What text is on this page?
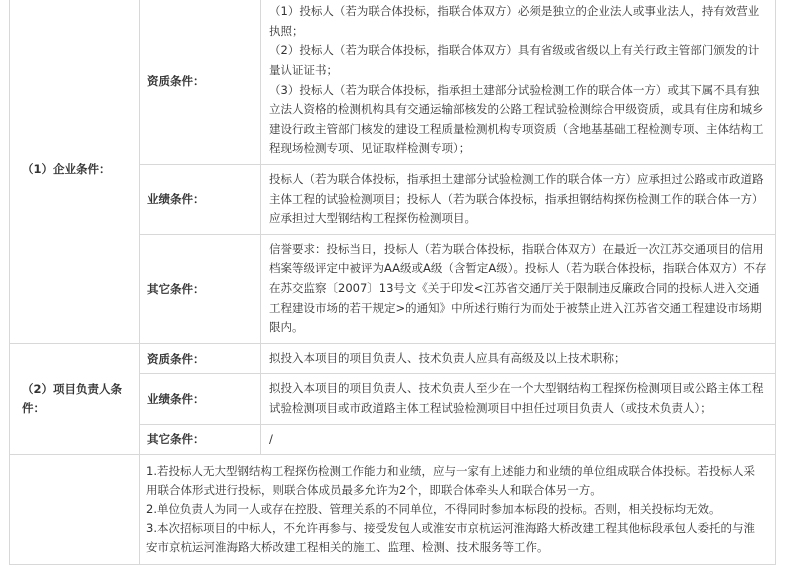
（1）企业条件：	资质条件：	（1）投标人（若为联合体投标，指联合体双方）必须是独立的企业法人或事业法人，持有效营业执照；
（2）投标人（若为联合体投标，指联合体双方）具有省级或省级以上有关行政主管部门颁发的计量认证证书；
（3）投标人（若为联合体投标，指承担土建部分试验检测工作的联合体一方）或其下属不具有独立法人资格的检测机构具有交通运输部核发的公路工程试验检测综合甲级资质，或具有住房和城乡建设行政主管部门核发的建设工程质量检测机构专项资质（含地基基础工程检测专项、主体结构工程现场检测专项、见证取样检测专项）；

	业绩条件：	投标人（若为联合体投标，指承担土建部分试验检测工作的联合体一方）应承担过公路或市政道路主体工程的试验检测项目；投标人（若为联合体投标，指承担钢结构探伤检测工作的联合体一方）应承担过大型钢结构工程探伤检测项目。
	其它条件：	信誉要求：投标当日，投标人（若为联合体投标，指联合体双方）在最近一次江苏交通项目的信用档案等级评定中被评为AA级或A级（含暂定A级）。投标人（若为联合体投标，指联合体双方）不存在苏交监察〔2007〕13号文《关于印发<江苏省交通厅关于限制违反廉政合同的投标人进入交通工程建设市场的若干规定>的通知》中所述行贿行为而处于被禁止进入江苏省交通工程建设市场期限内。
（2）项目负责人条件：	资质条件：	拟投入本项目的项目负责人、技术负责人应具有高级及以上技术职称；
	业绩条件：	拟投入本项目的项目负责人、技术负责人至少在一个大型钢结构工程探伤检测项目或公路主体工程试验检测项目或市政道路主体工程试验检测项目中担任过项目负责人（或技术负责人）；
	其它条件：	/

	1.若投标人无大型钢结构工程探伤检测工作能力和业绩，应与一家有上述能力和业绩的单位组成联合体投标。若投标人采用联合体形式进行投标，则联合体成员最多允许为2个，即联合体牵头人和联合体另一方。
2.单位负责人为同一人或存在控股、管理关系的不同单位，不得同时参加本标段的投标。否则，相关投标均无效。
3.本次招标项目的中标人，不允许再参与、接受发包人或淮安市京杭运河淮海路大桥改建工程其他标段承包人委托的与淮安市京杭运河淮海路大桥改建工程相关的施工、监理、检测、技术服务等工作。	
